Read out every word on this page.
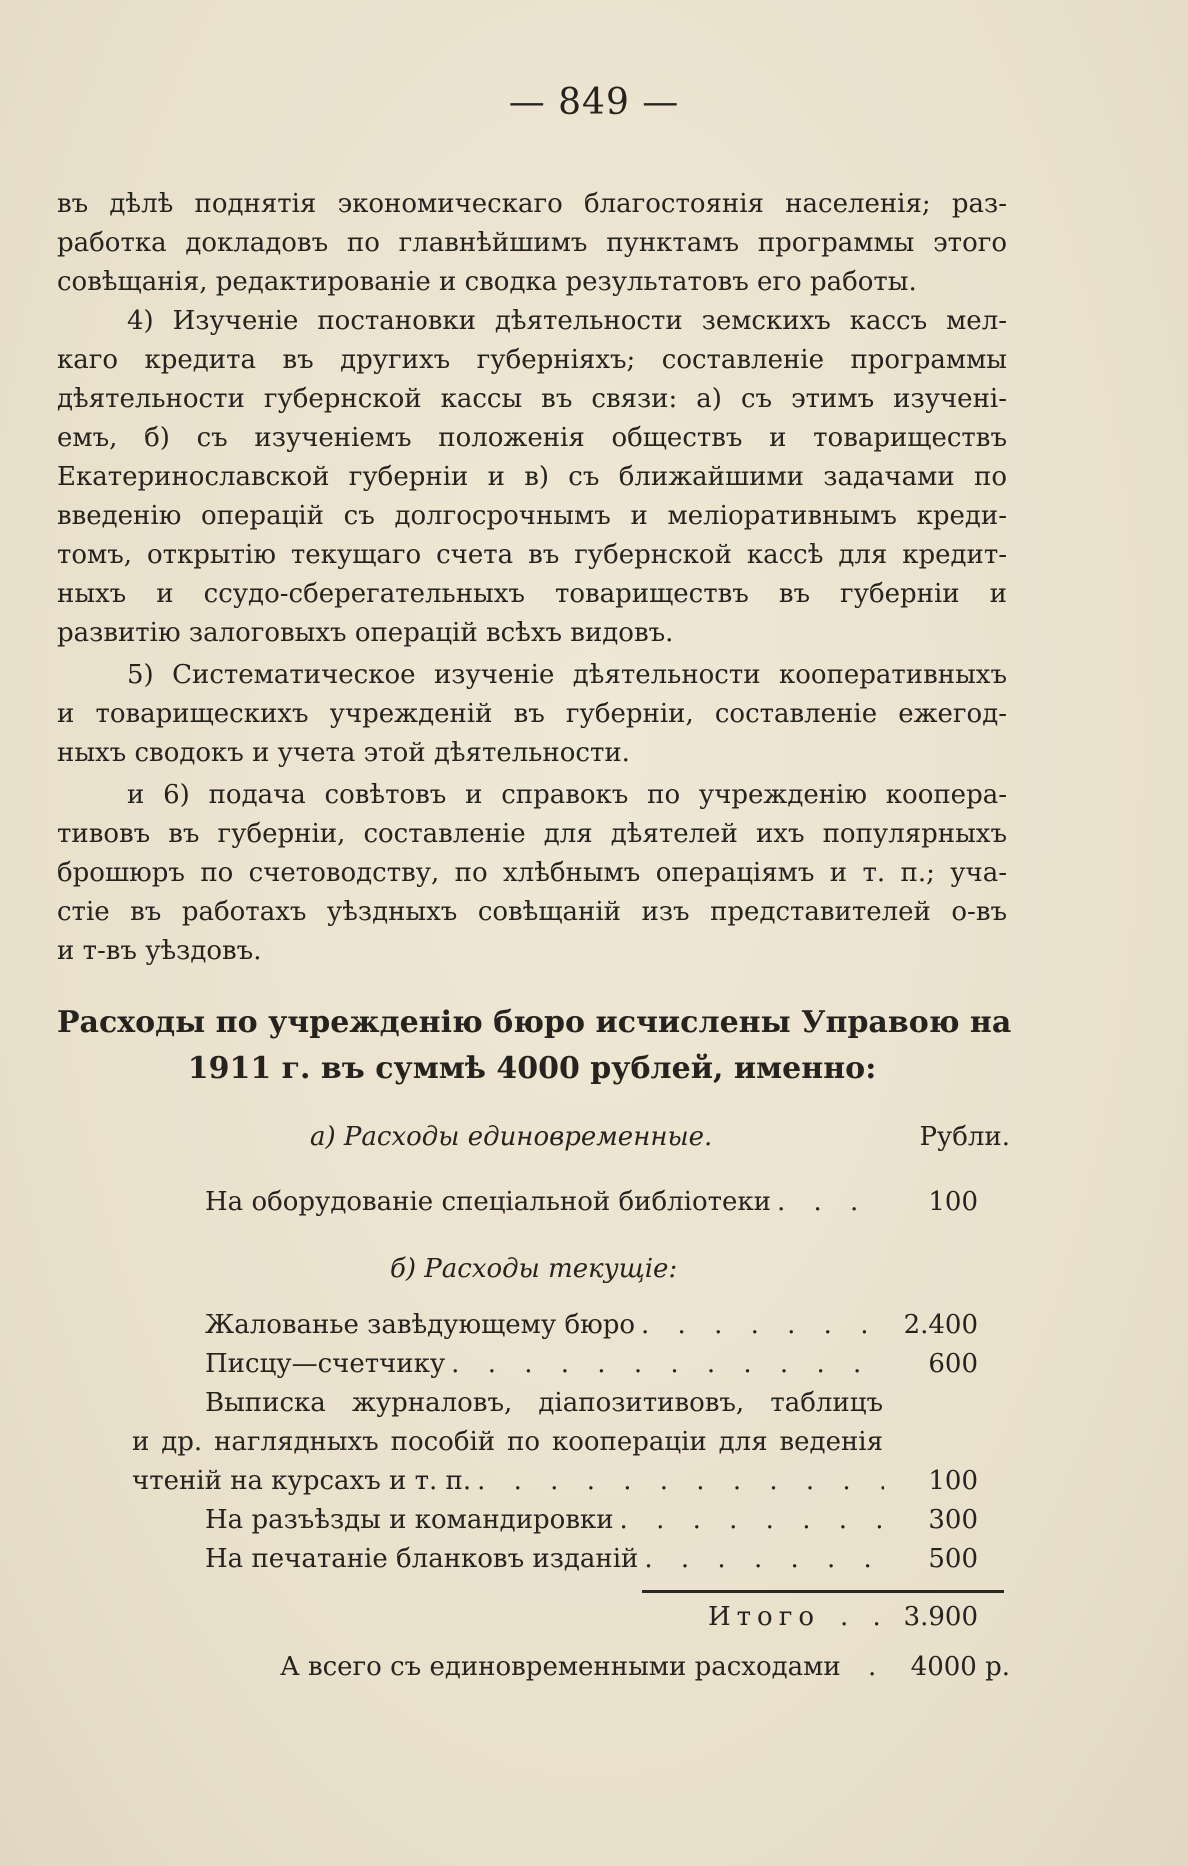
— 849 —
въ дѣлѣ поднятія экономическаго благостоянія населенія; раз-
работка докладовъ по главнѣйшимъ пунктамъ программы этого
совѣщанія, редактированіе и сводка результатовъ его работы.
4) Изученіе постановки дѣятельности земскихъ кассъ мел-
каго кредита въ другихъ губерніяхъ; составленіе программы
дѣятельности губернской кассы въ связи: а) съ этимъ изучені-
емъ, б) съ изученіемъ положенія обществъ и товариществъ
Екатеринославской губерніи и в) съ ближайшими задачами по
введенію операцій съ долгосрочнымъ и меліоративнымъ креди-
томъ, открытію текущаго счета въ губернской кассѣ для кредит-
ныхъ и ссудо-сберегательныхъ товариществъ въ губерніи и
развитію залоговыхъ операцій всѣхъ видовъ.
5) Систематическое изученіе дѣятельности кооперативныхъ
и товарищескихъ учрежденій въ губерніи, составленіе ежегод-
ныхъ сводокъ и учета этой дѣятельности.
и 6) подача совѣтовъ и справокъ по учрежденію коопера-
тивовъ въ губерніи, составленіе для дѣятелей ихъ популярныхъ
брошюръ по счетоводству, по хлѣбнымъ операціямъ и т. п.; уча-
стіе въ работахъ уѣздныхъ совѣщаній изъ представителей о-въ
и т-въ уѣздовъ.
Расходы по учрежденію бюро исчислены Управою на
1911 г. въ суммѣ 4000 рублей, именно:
а) Расходы единовременные.	Рубли.
На оборудованіе спеціальной библіотеки . . .	100
б) Расходы текущіе:
Жалованье завѣдующему бюро . . .	2.400
Писцу—счетчику . . .	600
Выписка журналовъ, діапозитивовъ, таблицъ
и др. наглядныхъ пособій по коопераціи для веденія
чтеній на курсахъ и т. п. . . .	100
На разъѣзды и командировки . . .	300
На печатаніе бланковъ изданій . . .	500
Итого . . 3.900
А всего съ единовременными расходами	.	4000 р.
